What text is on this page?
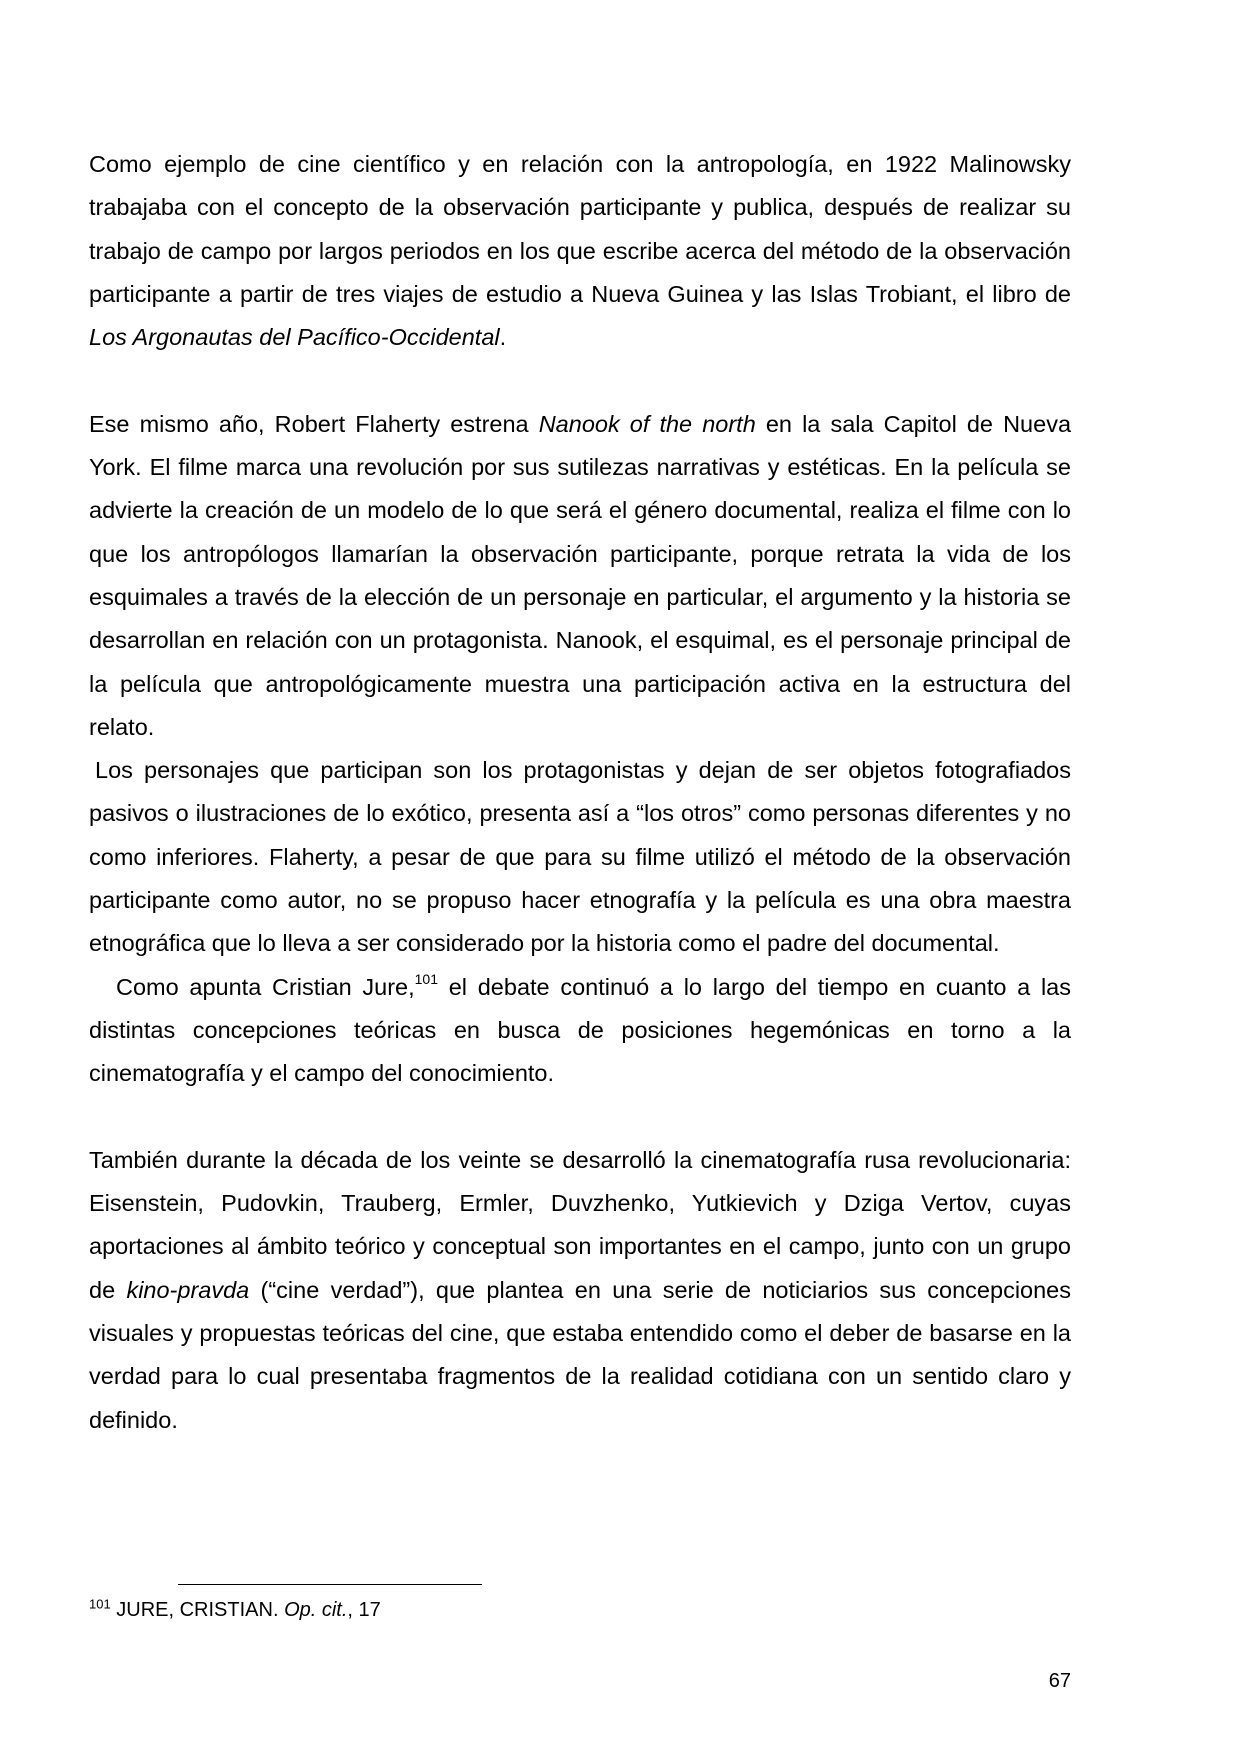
Como ejemplo de cine científico y en relación con la antropología, en 1922 Malinowsky trabajaba con el concepto de la observación participante y publica, después de realizar su trabajo de campo por largos periodos en los que escribe acerca del método de la observación participante a partir de tres viajes de estudio a Nueva Guinea y las Islas Trobiant, el libro de Los Argonautas del Pacífico-Occidental.

Ese mismo año, Robert Flaherty estrena Nanook of the north en la sala Capitol de Nueva York. El filme marca una revolución por sus sutilezas narrativas y estéticas. En la película se advierte la creación de un modelo de lo que será el género documental, realiza el filme con lo que los antropólogos llamarían la observación participante, porque retrata la vida de los esquimales a través de la elección de un personaje en particular, el argumento y la historia se desarrollan en relación con un protagonista. Nanook, el esquimal, es el personaje principal de la película que antropológicamente muestra una participación activa en la estructura del relato.

Los personajes que participan son los protagonistas y dejan de ser objetos fotografiados pasivos o ilustraciones de lo exótico, presenta así a “los otros” como personas diferentes y no como inferiores. Flaherty, a pesar de que para su filme utilizó el método de la observación participante como autor, no se propuso hacer etnografía y la película es una obra maestra etnográfica que lo lleva a ser considerado por la historia como el padre del documental.

Como apunta Cristian Jure,$^{101}$ el debate continuó a lo largo del tiempo en cuanto a las distintas concepciones teóricas en busca de posiciones hegemónicas en torno a la cinematografía y el campo del conocimiento.

También durante la década de los veinte se desarrolló la cinematografía rusa revolucionaria: Eisenstein, Pudovkin, Trauberg, Ermler, Duvzhenko, Yutkievich y Dziga Vertov, cuyas aportaciones al ámbito teórico y conceptual son importantes en el campo, junto con un grupo de kino-pravda (“cine verdad”), que plantea en una serie de noticiarios sus concepciones visuales y propuestas teóricas del cine, que estaba entendido como el deber de basarse en la verdad para lo cual presentaba fragmentos de la realidad cotidiana con un sentido claro y definido.

$^{101}$ JURE, CRISTIAN. Op. cit., 17
67
